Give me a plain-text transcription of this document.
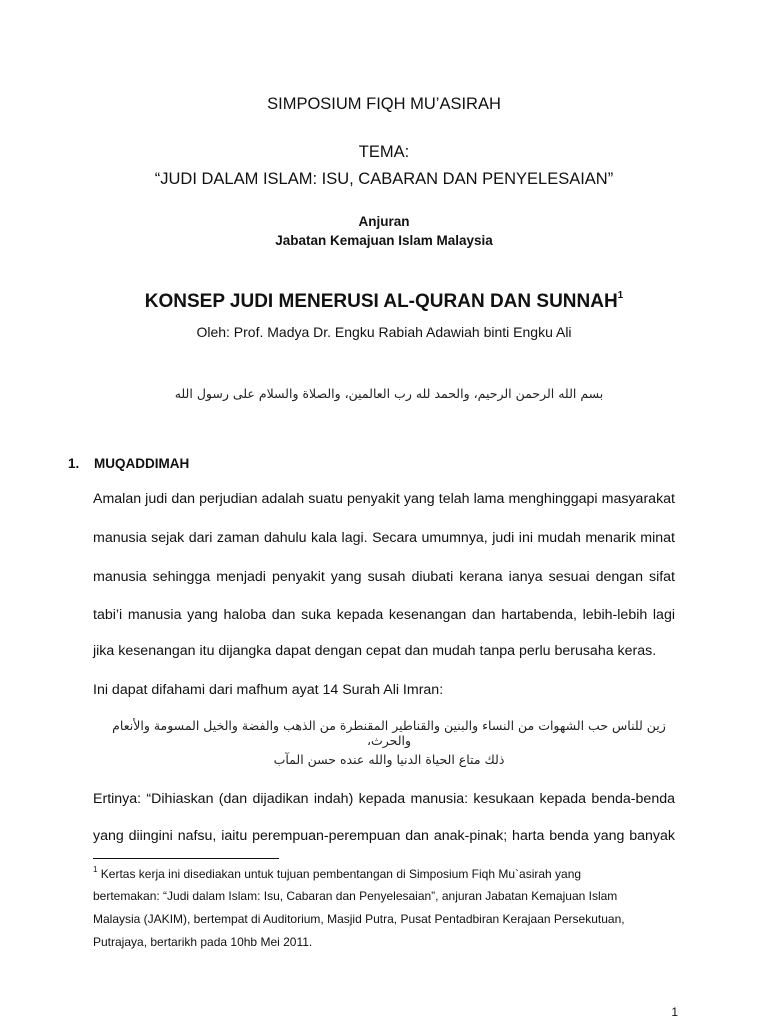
SIMPOSIUM FIQH MU’ASIRAH
TEMA:
“JUDI DALAM ISLAM: ISU, CABARAN DAN PENYELESAIAN”
Anjuran
Jabatan Kemajuan Islam Malaysia
KONSEP JUDI MENERUSI AL-QURAN DAN SUNNAH$^1$
Oleh: Prof. Madya Dr. Engku Rabiah Adawiah binti Engku Ali
بسم الله الرحمن الرحيم، والحمد لله رب العالمين، والصلاة والسلام على رسول الله
1. MUQADDIMAH
Amalan judi dan perjudian adalah suatu penyakit yang telah lama menghinggapi masyarakat
manusia sejak dari zaman dahulu kala lagi. Secara umumnya, judi ini mudah menarik minat
manusia sehingga menjadi penyakit yang susah diubati kerana ianya sesuai dengan sifat
tabi’i manusia yang haloba dan suka kepada kesenangan dan hartabenda, lebih-lebih lagi
jika kesenangan itu dijangka dapat dengan cepat dan mudah tanpa perlu berusaha keras.
Ini dapat difahami dari mafhum ayat 14 Surah Ali Imran:
زين للناس حب الشهوات من النساء والبنين والقناطير المقنطرة من الذهب والفضة والخيل المسومة والأنعام والحرث،
ذلك متاع الحياة الدنيا والله عنده حسن المآب
Ertinya: “Dihiaskan (dan dijadikan indah) kepada manusia: kesukaan kepada benda-benda
yang diingini nafsu, iaitu perempuan-perempuan dan anak-pinak; harta benda yang banyak
$^1$ Kertas kerja ini disediakan untuk tujuan pembentangan di Simposium Fiqh Mu`asirah yang
bertemakan: “Judi dalam Islam: Isu, Cabaran dan Penyelesaian”, anjuran Jabatan Kemajuan Islam
Malaysia (JAKIM), bertempat di Auditorium, Masjid Putra, Pusat Pentadbiran Kerajaan Persekutuan,
Putrajaya, bertarikh pada 10hb Mei 2011.
1
